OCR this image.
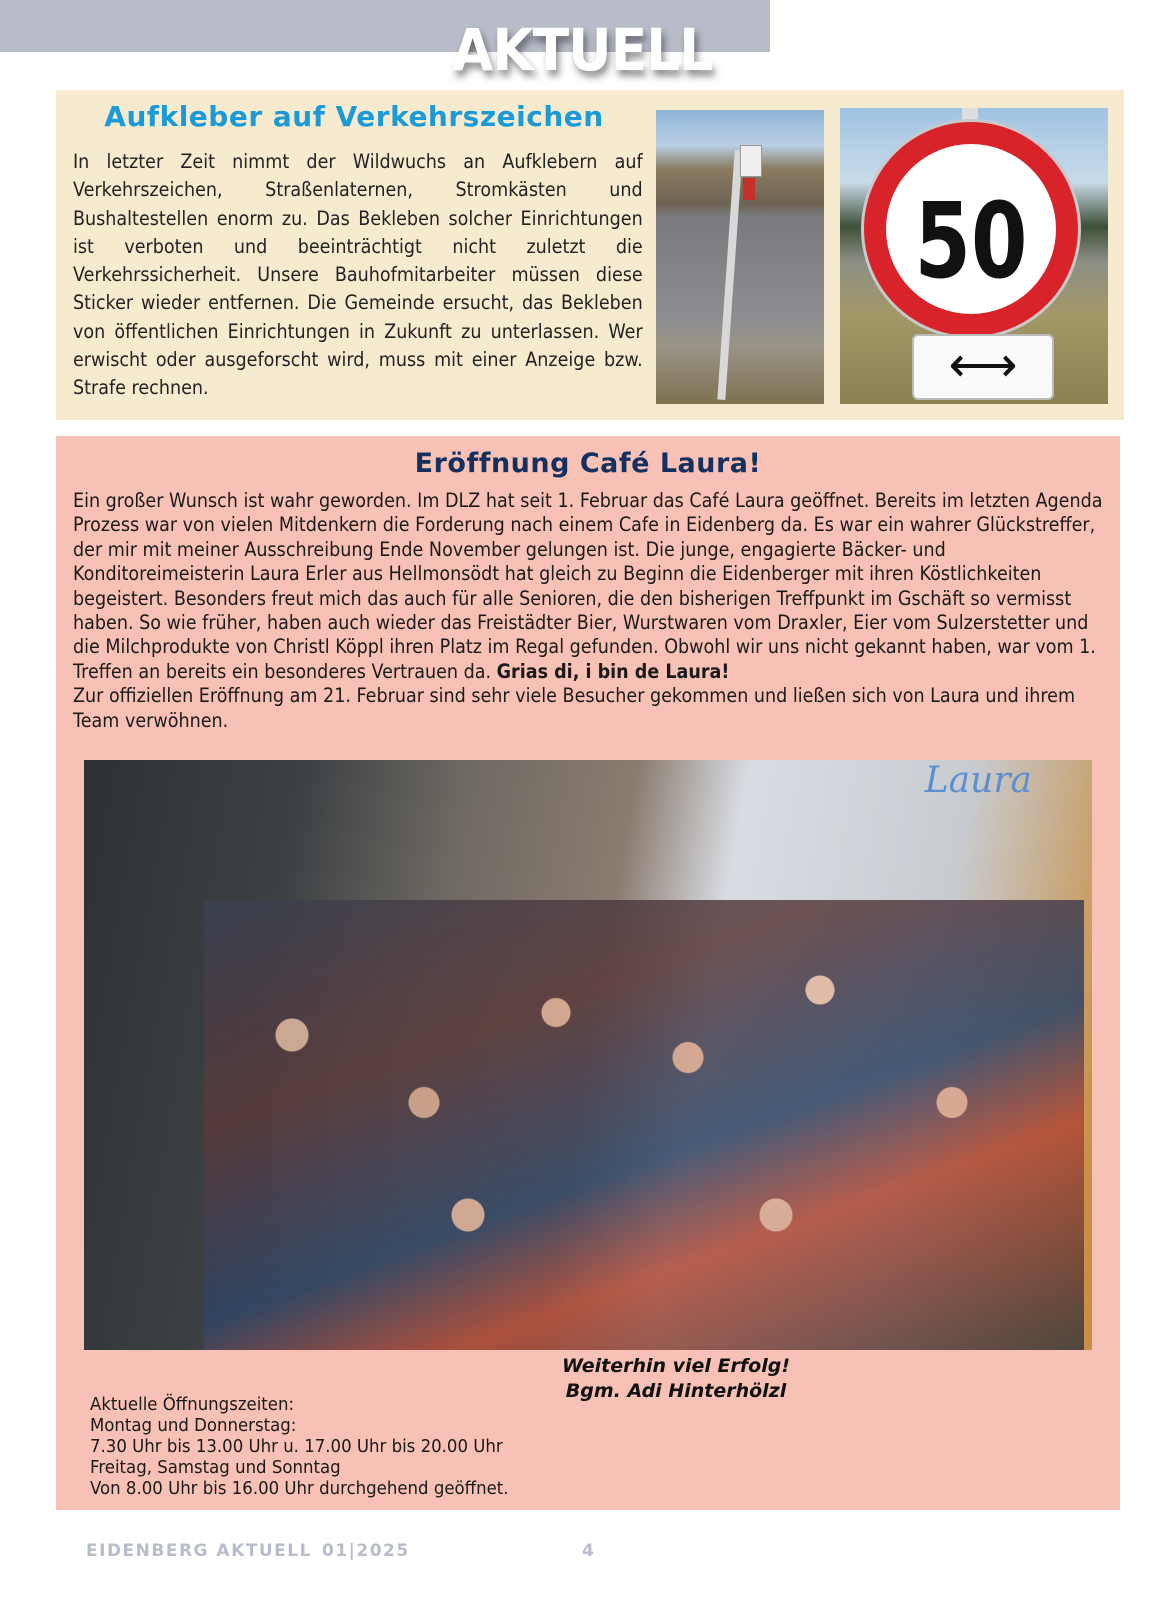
AKTUELL
Aufkleber auf Verkehrszeichen
In letzter Zeit nimmt der Wildwuchs an Aufklebern auf Verkehrszeichen, Straßenlaternen, Stromkästen und Bushaltestellen enorm zu. Das Bekleben solcher Einrichtungen ist verboten und beeinträchtigt nicht zuletzt die Verkehrssicherheit. Unsere Bauhofmitarbeiter müssen diese Sticker wieder entfernen. Die Gemeinde ersucht, das Bekleben von öffentlichen Einrichtungen in Zukunft zu unterlassen. Wer erwischt oder ausgeforscht wird, muss mit einer Anzeige bzw. Strafe rechnen.
50
⟷
Eröffnung Café Laura!

Ein großer Wunsch ist wahr geworden. Im DLZ hat seit 1. Februar das Café Laura geöffnet. Bereits im letzten Agenda Prozess war von vielen Mitdenkern die Forderung nach einem Cafe in Eidenberg da. Es war ein wahrer Glückstreffer, der mir mit meiner Ausschreibung Ende November gelungen ist. Die junge, engagierte Bäcker- und Konditoreimeisterin Laura Erler aus Hellmonsödt hat gleich zu Beginn die Eidenberger mit ihren Köstlichkeiten begeistert. Besonders freut mich das auch für alle Senioren, die den bisherigen Treffpunkt im Gschäft so vermisst haben. So wie früher, haben auch wieder das Freistädter Bier, Wurstwaren vom Draxler, Eier vom Sulzerstetter und die Milchprodukte von Christl Köppl ihren Platz im Regal gefunden. Obwohl wir uns nicht gekannt haben, war vom 1. Treffen an bereits ein besonderes Vertrauen da. Grias di, i bin de Laura!

Zur offiziellen Eröffnung am 21. Februar sind sehr viele Besucher gekommen und ließen sich von Laura und ihrem Team verwöhnen.

Weiterhin viel Erfolg!
Bgm. Adi Hinterhölzl
Aktuelle Öffnungszeiten:
Montag und Donnerstag:
7.30 Uhr bis 13.00 Uhr u. 17.00 Uhr bis 20.00 Uhr
Freitag, Samstag und Sonntag
Von 8.00 Uhr bis 16.00 Uhr durchgehend geöffnet.
Laura
EIDENBERG AKTUELL 01|2025	4
